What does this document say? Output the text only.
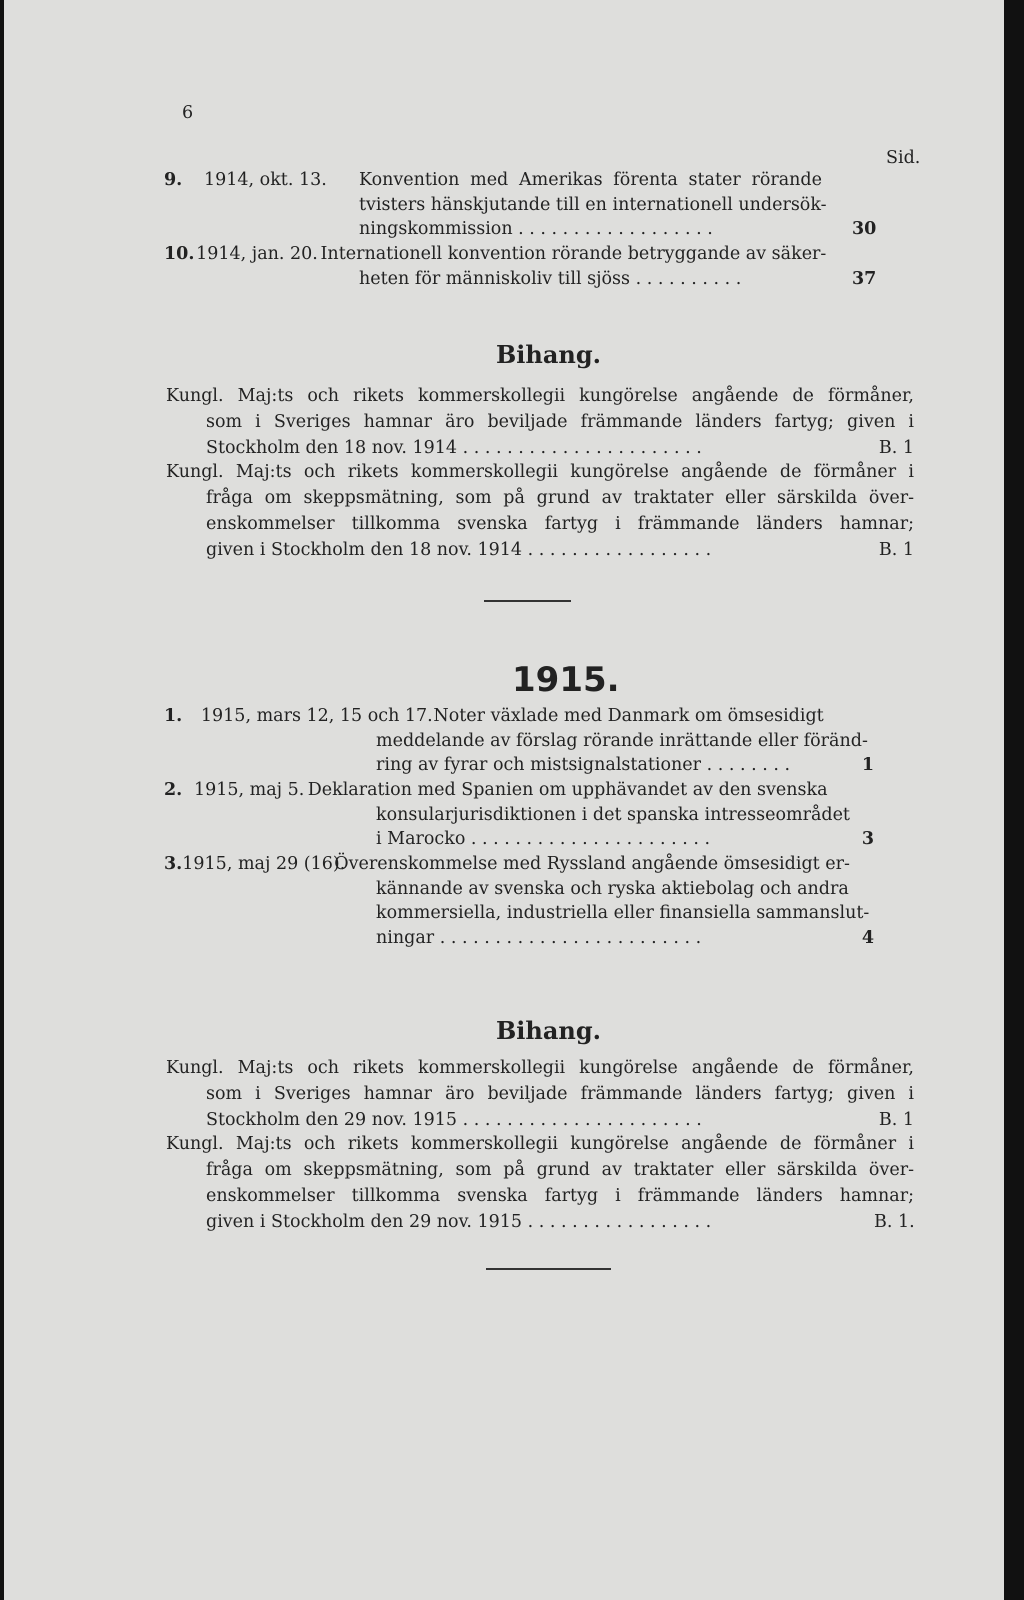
6
Sid.
9.	1914, okt. 13.	Konvention med Amerikas förenta stater rörande
tvisters hänskjutande till en internationell undersök-
ningskommission . . . . . . . . . . . . . . . . . .	30
10. 1914, jan. 20. Internationell konvention rörande betryggande av säker-
heten för människoliv till sjöss . . . . . . . . . .	37
Bihang.
Kungl. Maj:ts och rikets kommerskollegii kungörelse angående de förmåner,
som i Sveriges hamnar äro beviljade främmande länders fartyg; given i
Stockholm den 18 nov. 1914 . . . . . . . . . . . . . . . . . . . . . .	B. 1
Kungl. Maj:ts och rikets kommerskollegii kungörelse angående de förmåner i
fråga om skeppsmätning, som på grund av traktater eller särskilda över-
enskommelser tillkomma svenska fartyg i främmande länders hamnar;
given i Stockholm den 18 nov. 1914 . . . . . . . . . . . . . . . . .	B. 1
1915.
1.	1915, mars 12, 15 och 17. Noter växlade med Danmark om ömsesidigt
meddelande av förslag rörande inrättande eller föränd-
ring av fyrar och mistsignalstationer . . . . . . . .	1
2. 1915, maj 5. Deklaration med Spanien om upphävandet av den svenska
konsularjurisdiktionen i det spanska intresseområdet
i Marocko . . . . . . . . . . . . . . . . . . . . . .	3
3. 1915, maj 29 (16).
Överenskommelse med Ryssland angående ömsesidigt er-
kännande av svenska och ryska aktiebolag och andra
kommersiella, industriella eller finansiella sammanslut-
ningar . . . . . . . . . . . . . . . . . . . . . . . .	4
Bihang.
Kungl. Maj:ts och rikets kommerskollegii kungörelse angående de förmåner,
som i Sveriges hamnar äro beviljade främmande länders fartyg; given i
Stockholm den 29 nov. 1915 . . . . . . . . . . . . . . . . . . . . . .	B. 1
Kungl. Maj:ts och rikets kommerskollegii kungörelse angående de förmåner i
fråga om skeppsmätning, som på grund av traktater eller särskilda över-
enskommelser tillkomma svenska fartyg i främmande länders hamnar;
given i Stockholm den 29 nov. 1915 . . . . . . . . . . . . . . . . .	B. 1.
